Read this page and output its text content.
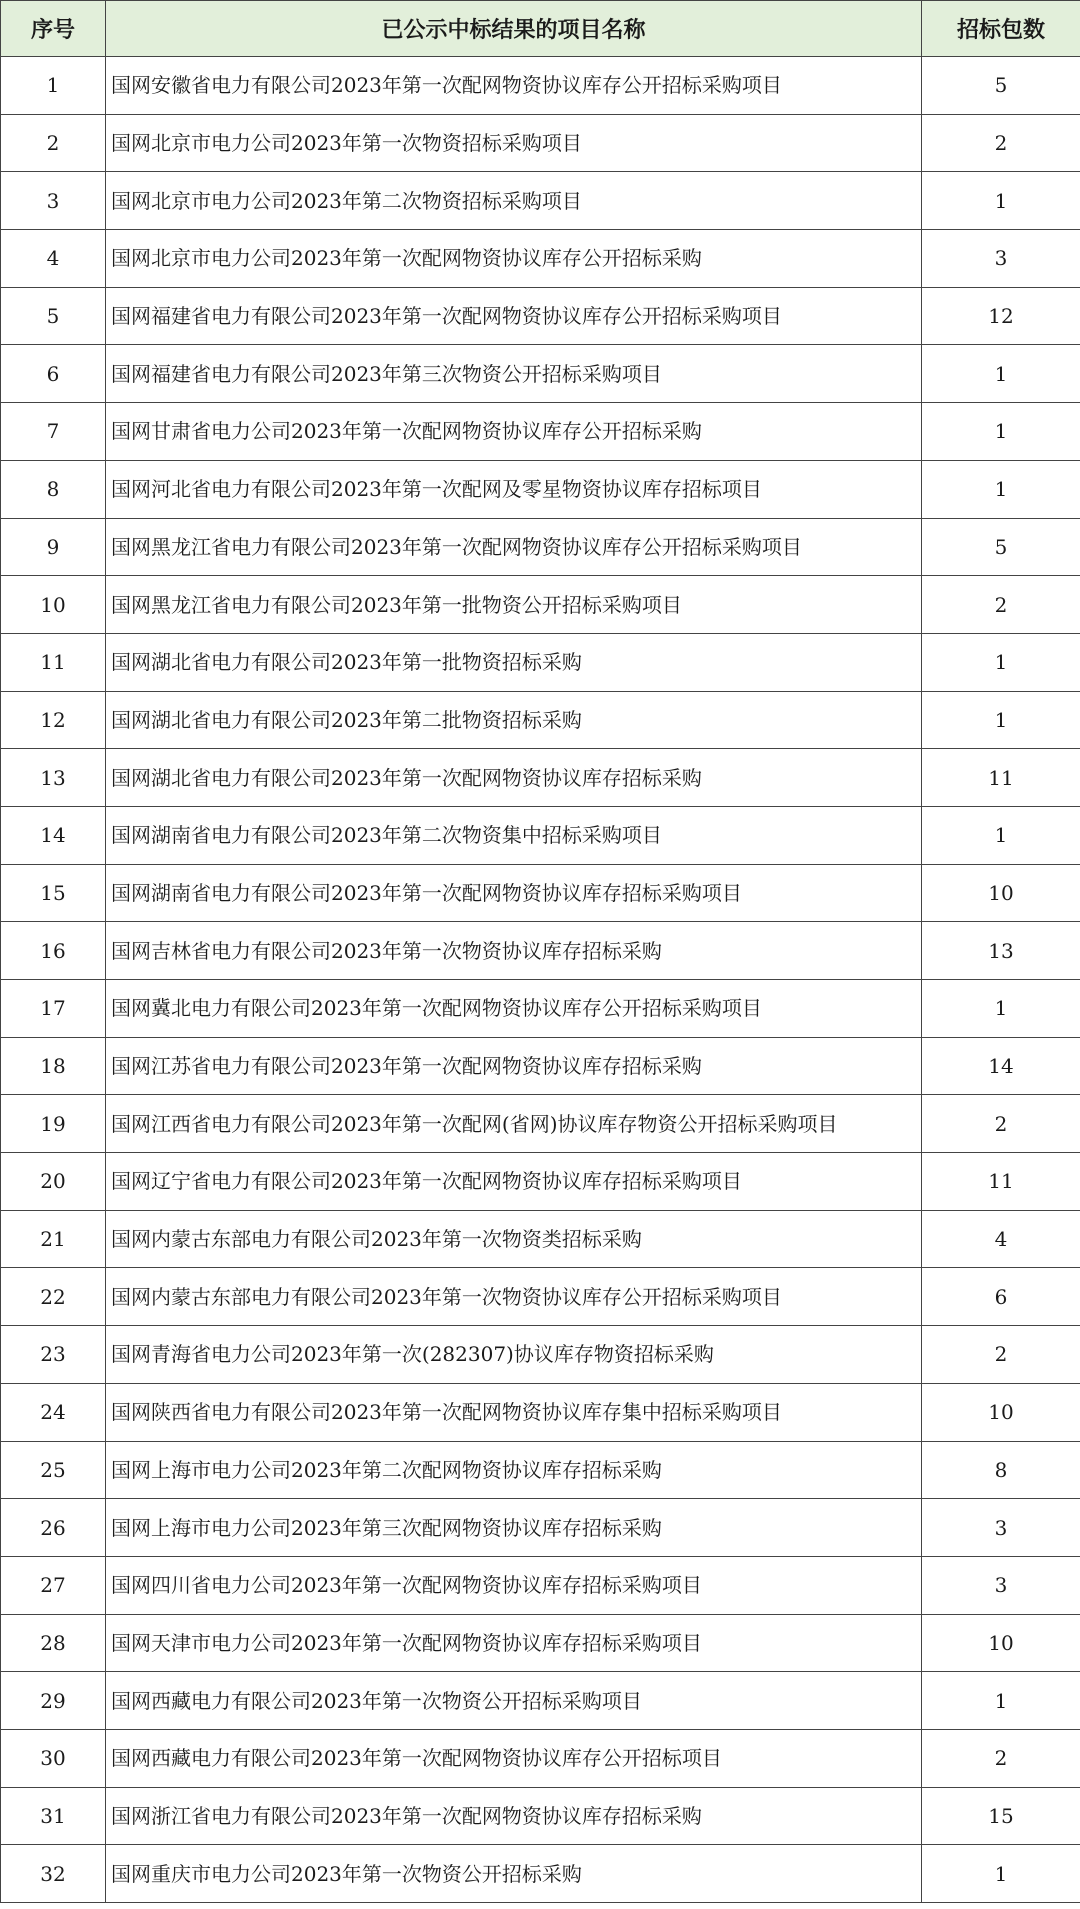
序号	已公示中标结果的项目名称	招标包数
1	国网安徽省电力有限公司2023年第一次配网物资协议库存公开招标采购项目	5
2	国网北京市电力公司2023年第一次物资招标采购项目	2
3	国网北京市电力公司2023年第二次物资招标采购项目	1
4	国网北京市电力公司2023年第一次配网物资协议库存公开招标采购	3
5	国网福建省电力有限公司2023年第一次配网物资协议库存公开招标采购项目	12
6	国网福建省电力有限公司2023年第三次物资公开招标采购项目	1
7	国网甘肃省电力公司2023年第一次配网物资协议库存公开招标采购	1
8	国网河北省电力有限公司2023年第一次配网及零星物资协议库存招标项目	1
9	国网黑龙江省电力有限公司2023年第一次配网物资协议库存公开招标采购项目	5
10	国网黑龙江省电力有限公司2023年第一批物资公开招标采购项目	2
11	国网湖北省电力有限公司2023年第一批物资招标采购	1
12	国网湖北省电力有限公司2023年第二批物资招标采购	1
13	国网湖北省电力有限公司2023年第一次配网物资协议库存招标采购	11
14	国网湖南省电力有限公司2023年第二次物资集中招标采购项目	1
15	国网湖南省电力有限公司2023年第一次配网物资协议库存招标采购项目	10
16	国网吉林省电力有限公司2023年第一次物资协议库存招标采购	13
17	国网冀北电力有限公司2023年第一次配网物资协议库存公开招标采购项目	1
18	国网江苏省电力有限公司2023年第一次配网物资协议库存招标采购	14
19	国网江西省电力有限公司2023年第一次配网(省网)协议库存物资公开招标采购项目	2
20	国网辽宁省电力有限公司2023年第一次配网物资协议库存招标采购项目	11
21	国网内蒙古东部电力有限公司2023年第一次物资类招标采购	4
22	国网内蒙古东部电力有限公司2023年第一次物资协议库存公开招标采购项目	6
23	国网青海省电力公司2023年第一次(282307)协议库存物资招标采购	2
24	国网陕西省电力有限公司2023年第一次配网物资协议库存集中招标采购项目	10
25	国网上海市电力公司2023年第二次配网物资协议库存招标采购	8
26	国网上海市电力公司2023年第三次配网物资协议库存招标采购	3
27	国网四川省电力公司2023年第一次配网物资协议库存招标采购项目	3
28	国网天津市电力公司2023年第一次配网物资协议库存招标采购项目	10
29	国网西藏电力有限公司2023年第一次物资公开招标采购项目	1
30	国网西藏电力有限公司2023年第一次配网物资协议库存公开招标项目	2
31	国网浙江省电力有限公司2023年第一次配网物资协议库存招标采购	15
32	国网重庆市电力公司2023年第一次物资公开招标采购	1
